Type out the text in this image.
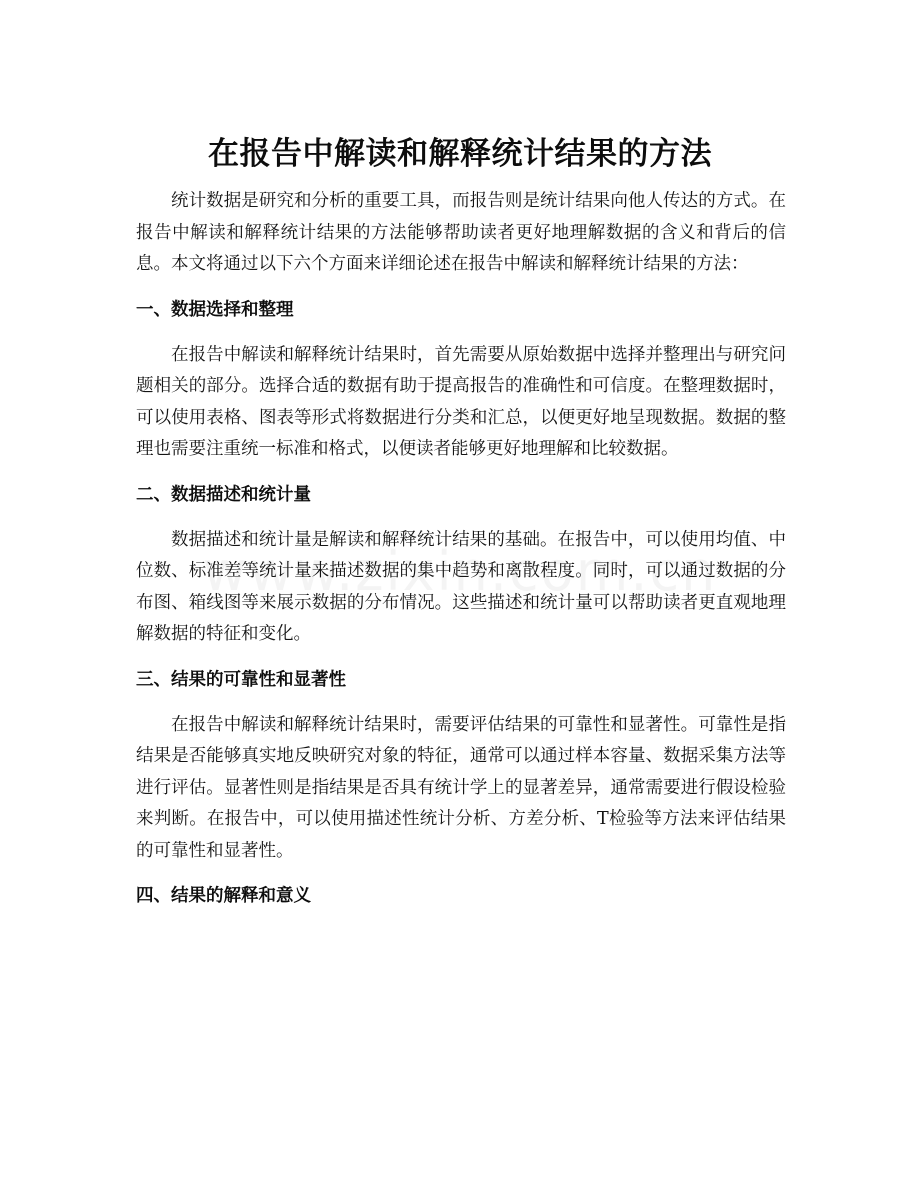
在报告中解读和解释统计结果的方法

统计数据是研究和分析的重要工具，而报告则是统计结果向他人传达的方式。在报告中解读和解释统计结果的方法能够帮助读者更好地理解数据的含义和背后的信息。本文将通过以下六个方面来详细论述在报告中解读和解释统计结果的方法：

一、数据选择和整理

在报告中解读和解释统计结果时，首先需要从原始数据中选择并整理出与研究问题相关的部分。选择合适的数据有助于提高报告的准确性和可信度。在整理数据时，可以使用表格、图表等形式将数据进行分类和汇总，以便更好地呈现数据。数据的整理也需要注重统一标准和格式，以便读者能够更好地理解和比较数据。

二、数据描述和统计量

数据描述和统计量是解读和解释统计结果的基础。在报告中，可以使用均值、中位数、标准差等统计量来描述数据的集中趋势和离散程度。同时，可以通过数据的分布图、箱线图等来展示数据的分布情况。这些描述和统计量可以帮助读者更直观地理解数据的特征和变化。

三、结果的可靠性和显著性

在报告中解读和解释统计结果时，需要评估结果的可靠性和显著性。可靠性是指结果是否能够真实地反映研究对象的特征，通常可以通过样本容量、数据采集方法等进行评估。显著性则是指结果是否具有统计学上的显著差异，通常需要进行假设检验来判断。在报告中，可以使用描述性统计分析、方差分析、T检验等方法来评估结果的可靠性和显著性。

四、结果的解释和意义
